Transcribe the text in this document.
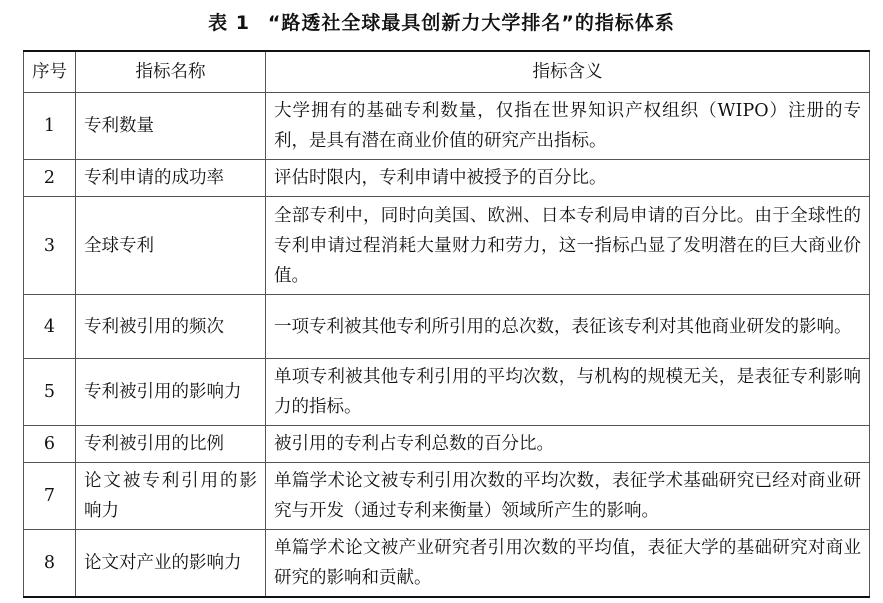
表 1 “路透社全球最具创新力大学排名”的指标体系
序号	指标名称	指标含义
1	专利数量	大学拥有的基础专利数量，仅指在世界知识产权组织（WIPO）注册的专利，是具有潜在商业价值的研究产出指标。
2	专利申请的成功率	评估时限内，专利申请中被授予的百分比。
3	全球专利	全部专利中，同时向美国、欧洲、日本专利局申请的百分比。由于全球性的专利申请过程消耗大量财力和劳力，这一指标凸显了发明潜在的巨大商业价值。
4	专利被引用的频次	一项专利被其他专利所引用的总次数，表征该专利对其他商业研发的影响。
5	专利被引用的影响力	单项专利被其他专利引用的平均次数，与机构的规模无关，是表征专利影响力的指标。
6	专利被引用的比例	被引用的专利占专利总数的百分比。
7	论文被专利引用的影响力	单篇学术论文被专利引用次数的平均次数，表征学术基础研究已经对商业研究与开发（通过专利来衡量）领域所产生的影响。
8	论文对产业的影响力	单篇学术论文被产业研究者引用次数的平均值，表征大学的基础研究对商业研究的影响和贡献。
